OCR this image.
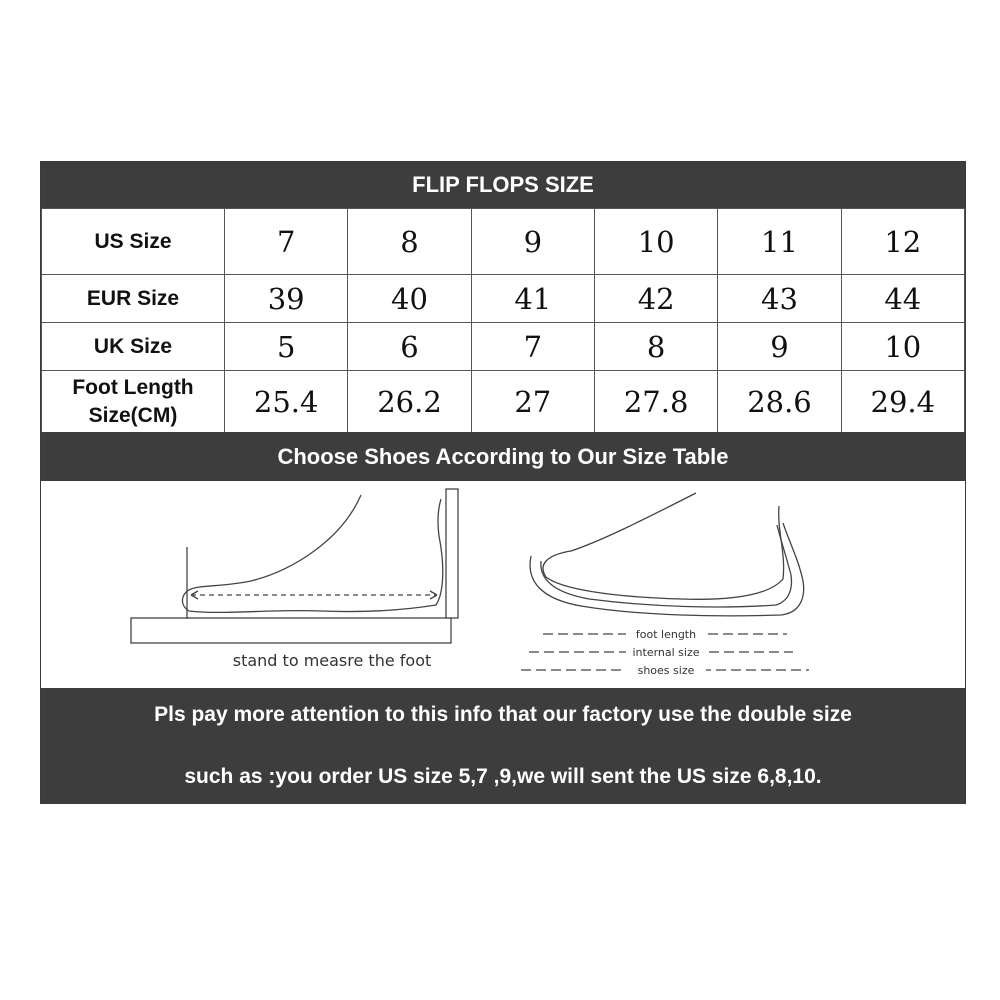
FLIP FLOPS SIZE
US Size	7	8	9	10	11	12
EUR Size	39	40	41	42	43	44
UK Size	5	6	7	8	9	10

Foot Length
Size(CM)	25.4	26.2	27	27.8	28.6	29.4
Choose Shoes According to Our Size Table
stand to measre the foot
foot length
internal size
shoes size
Pls pay more attention to this info that our factory use the double size
such as :you order US size 5,7 ,9,we will sent the US size 6,8,10.
